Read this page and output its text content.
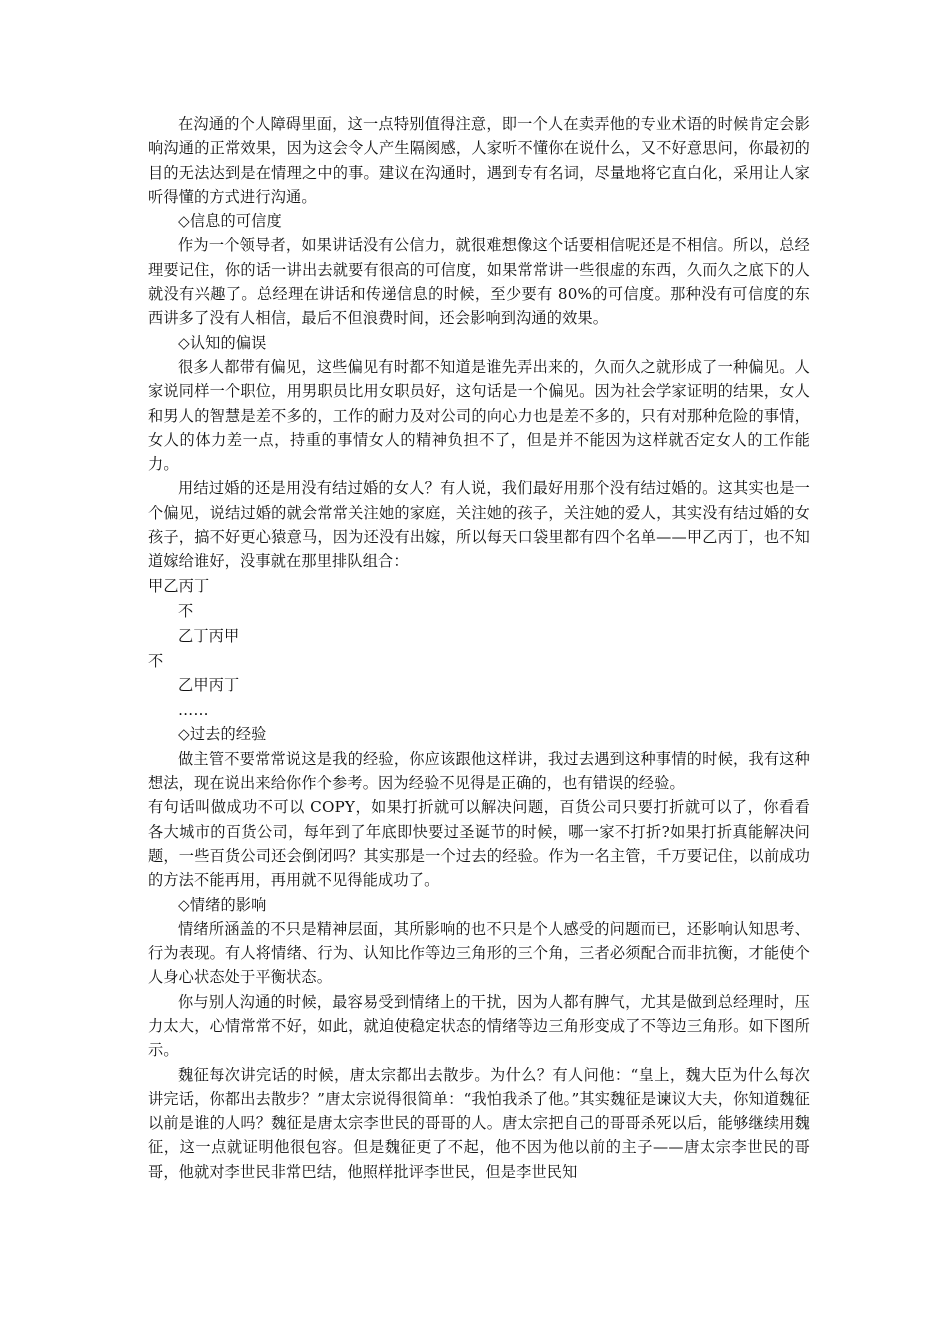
在沟通的个人障碍里面，这一点特别值得注意，即一个人在卖弄他的专业术语的时候肯定会影响沟通的正常效果，因为这会令人产生隔阂感，人家听不懂你在说什么，又不好意思问，你最初的目的无法达到是在情理之中的事。建议在沟通时，遇到专有名词，尽量地将它直白化，采用让人家听得懂的方式进行沟通。

◇信息的可信度

作为一个领导者，如果讲话没有公信力，就很难想像这个话要相信呢还是不相信。所以，总经理要记住，你的话一讲出去就要有很高的可信度，如果常常讲一些很虚的东西，久而久之底下的人就没有兴趣了。总经理在讲话和传递信息的时候，至少要有 80%的可信度。那种没有可信度的东西讲多了没有人相信，最后不但浪费时间，还会影响到沟通的效果。

◇认知的偏误

很多人都带有偏见，这些偏见有时都不知道是谁先弄出来的，久而久之就形成了一种偏见。人家说同样一个职位，用男职员比用女职员好，这句话是一个偏见。因为社会学家证明的结果，女人和男人的智慧是差不多的，工作的耐力及对公司的向心力也是差不多的，只有对那种危险的事情，女人的体力差一点，持重的事情女人的精神负担不了，但是并不能因为这样就否定女人的工作能力。

用结过婚的还是用没有结过婚的女人？有人说，我们最好用那个没有结过婚的。这其实也是一个偏见，说结过婚的就会常常关注她的家庭，关注她的孩子，关注她的爱人，其实没有结过婚的女孩子，搞不好更心猿意马，因为还没有出嫁，所以每天口袋里都有四个名单——甲乙丙丁，也不知道嫁给谁好，没事就在那里排队组合：

甲乙丙丁

不

乙丁丙甲

不

乙甲丙丁

……

◇过去的经验

做主管不要常常说这是我的经验，你应该跟他这样讲，我过去遇到这种事情的时候，我有这种想法，现在说出来给你作个参考。因为经验不见得是正确的，也有错误的经验。

有句话叫做成功不可以 COPY，如果打折就可以解决问题，百货公司只要打折就可以了，你看看各大城市的百货公司，每年到了年底即快要过圣诞节的时候，哪一家不打折?如果打折真能解决问题，一些百货公司还会倒闭吗？其实那是一个过去的经验。作为一名主管，千万要记住，以前成功的方法不能再用，再用就不见得能成功了。

◇情绪的影响

情绪所涵盖的不只是精神层面，其所影响的也不只是个人感受的问题而已，还影响认知思考、行为表现。有人将情绪、行为、认知比作等边三角形的三个角，三者必须配合而非抗衡，才能使个人身心状态处于平衡状态。

你与别人沟通的时候，最容易受到情绪上的干扰，因为人都有脾气，尤其是做到总经理时，压力太大，心情常常不好，如此，就迫使稳定状态的情绪等边三角形变成了不等边三角形。如下图所示。

魏征每次讲完话的时候，唐太宗都出去散步。为什么？有人问他：“皇上，魏大臣为什么每次讲完话，你都出去散步？”唐太宗说得很简单：“我怕我杀了他。”其实魏征是谏议大夫，你知道魏征以前是谁的人吗？魏征是唐太宗李世民的哥哥的人。唐太宗把自己的哥哥杀死以后，能够继续用魏征，这一点就证明他很包容。但是魏征更了不起，他不因为他以前的主子——唐太宗李世民的哥哥，他就对李世民非常巴结，他照样批评李世民，但是李世民知
